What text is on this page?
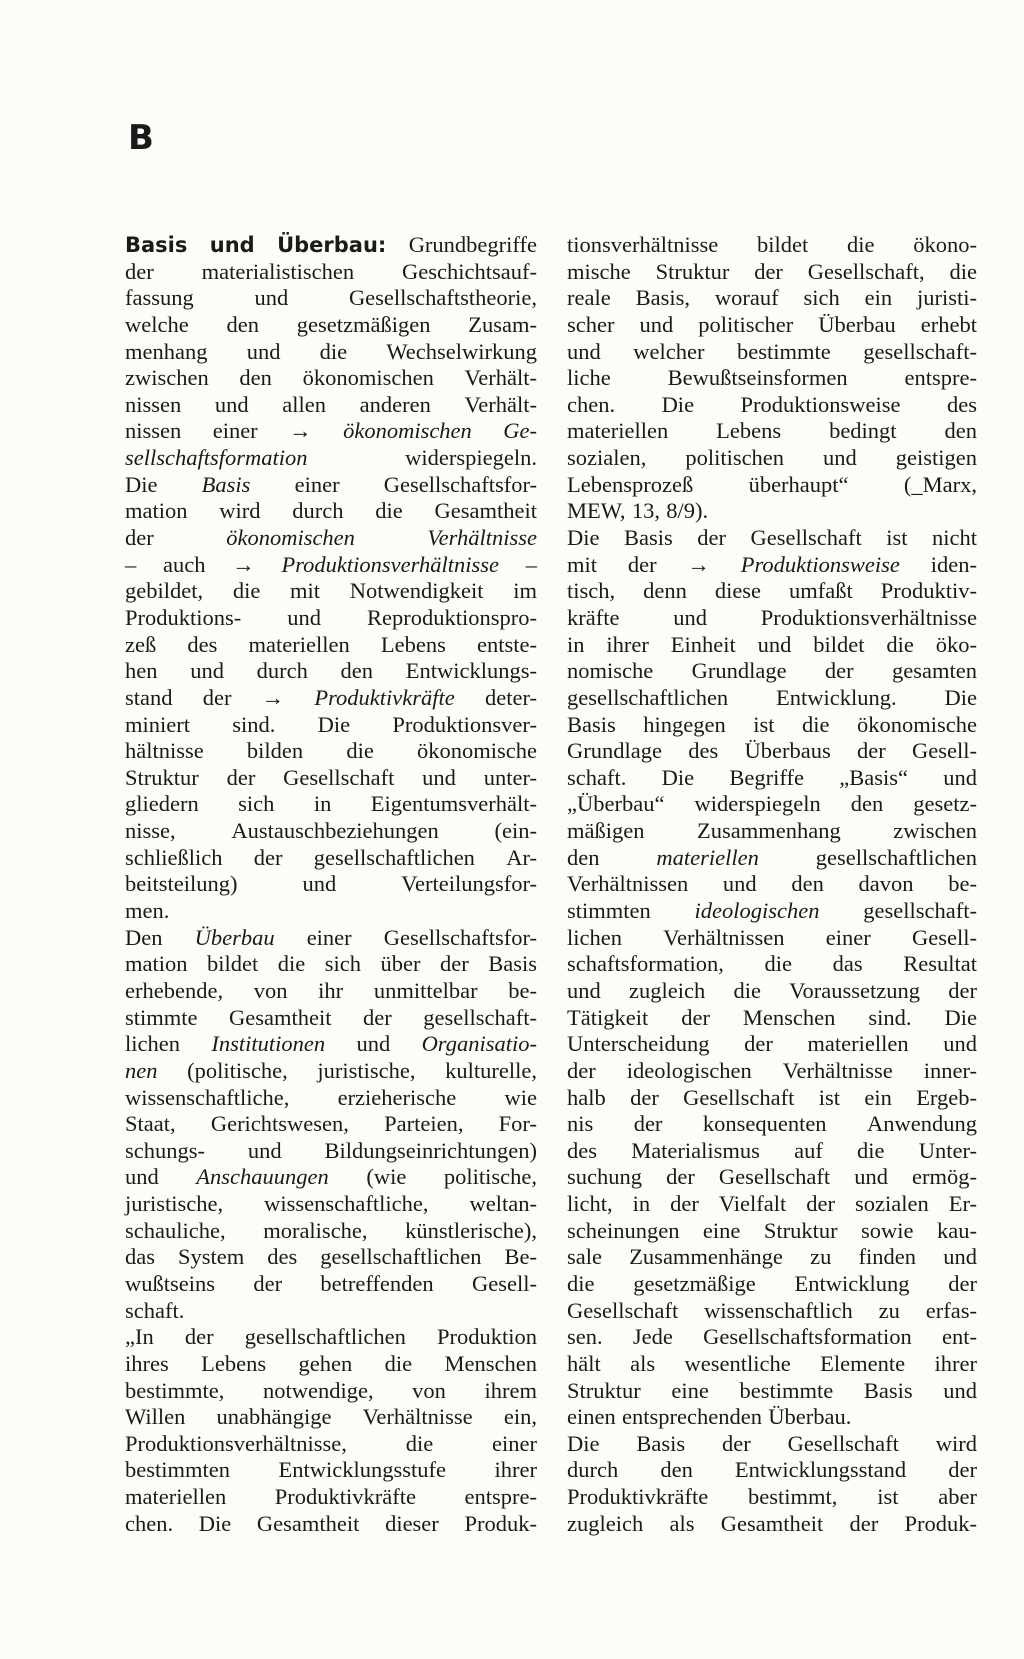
B
Basis und Überbau: Grundbegriffe
der materialistischen Geschichtsauf-
fassung	und	Gesellschaftstheorie,
welche den gesetzmäßigen Zusam-
menhang und die Wechselwirkung
zwischen den ökonomischen Verhält-
nissen und allen anderen Verhält-
nissen einer → ökonomischen Ge-
sellschaftsformation	widerspiegeln.
Die Basis einer Gesellschaftsfor-
mation wird durch die Gesamtheit
der	ökonomischen	Verhältnisse
– auch → Produktionsverhältnisse –
gebildet, die mit Notwendigkeit im
Produktions- und Reproduktionspro-
zeß des materiellen Lebens entste-
hen und durch den Entwicklungs-
stand der → Produktivkräfte deter-
miniert sind. Die Produktionsver-
hältnisse bilden die ökonomische
Struktur der Gesellschaft und unter-
gliedern sich in Eigentumsverhält-
nisse, Austauschbeziehungen (ein-
schließlich der gesellschaftlichen Ar-
beitsteilung)	und	Verteilungsfor-
men.
Den Überbau einer Gesellschaftsfor-
mation bildet die sich über der Basis
erhebende, von ihr unmittelbar be-
stimmte Gesamtheit der gesellschaft-
lichen Institutionen und Organisatio-
nen (politische, juristische, kulturelle,
wissenschaftliche, erzieherische wie
Staat, Gerichtswesen, Parteien, For-
schungs- und Bildungseinrichtungen)
und Anschauungen (wie politische,
juristische, wissenschaftliche, weltan-
schauliche, moralische, künstlerische),
das System des gesellschaftlichen Be-
wußtseins der betreffenden Gesell-
schaft.
„In der gesellschaftlichen Produktion
ihres Lebens gehen die Menschen
bestimmte, notwendige, von ihrem
Willen unabhängige Verhältnisse ein,
Produktionsverhältnisse,	die	einer
bestimmten Entwicklungsstufe ihrer
materiellen Produktivkräfte entspre-
chen. Die Gesamtheit dieser Produk-
tionsverhältnisse bildet die ökono-
mische Struktur der Gesellschaft, die
reale Basis, worauf sich ein juristi-
scher und politischer Überbau erhebt
und welcher bestimmte gesellschaft-
liche	Bewußtseinsformen	entspre-
chen. Die Produktionsweise des
materiellen Lebens bedingt den
sozialen, politischen und geistigen
Lebensprozeß überhaupt“ (_Marx,
MEW, 13, 8/9).
Die Basis der Gesellschaft ist nicht
mit der → Produktionsweise iden-
tisch, denn diese umfaßt Produktiv-
kräfte und Produktionsverhältnisse
in ihrer Einheit und bildet die öko-
nomische Grundlage der gesamten
gesellschaftlichen Entwicklung. Die
Basis hingegen ist die ökonomische
Grundlage des Überbaus der Gesell-
schaft. Die Begriffe „Basis“ und
„Überbau“ widerspiegeln den gesetz-
mäßigen Zusammenhang zwischen
den	materiellen	gesellschaftlichen
Verhältnissen und den davon be-
stimmten ideologischen gesellschaft-
lichen Verhältnissen einer Gesell-
schaftsformation, die das Resultat
und zugleich die Voraussetzung der
Tätigkeit der Menschen sind. Die
Unterscheidung der materiellen und
der ideologischen Verhältnisse inner-
halb der Gesellschaft ist ein Ergeb-
nis der konsequenten Anwendung
des Materialismus auf die Unter-
suchung der Gesellschaft und ermög-
licht, in der Vielfalt der sozialen Er-
scheinungen eine Struktur sowie kau-
sale Zusammenhänge zu finden und
die gesetzmäßige Entwicklung der
Gesellschaft wissenschaftlich zu erfas-
sen. Jede Gesellschaftsformation ent-
hält als wesentliche Elemente ihrer
Struktur eine bestimmte Basis und
einen entsprechenden Überbau.
Die Basis der Gesellschaft wird
durch den Entwicklungsstand der
Produktivkräfte bestimmt, ist aber
zugleich als Gesamtheit der Produk-
